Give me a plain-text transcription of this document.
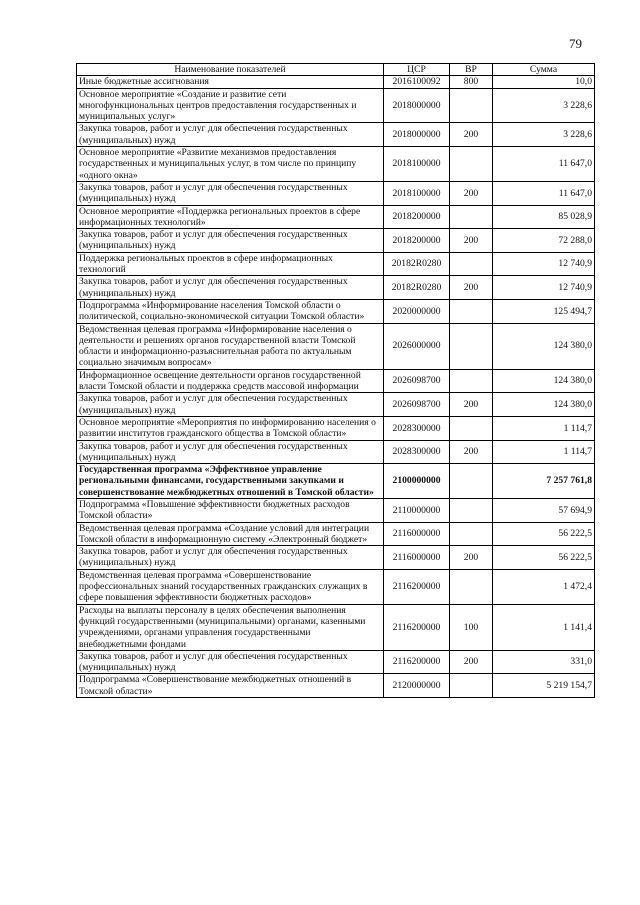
79
Наименование показателей	ЦСР	ВР	Сумма
Иные бюджетные ассигнования	2016100092	800	10,0
Основное мероприятие «Создание и развитие сети многофункциональных центров предоставления государственных и муниципальных услуг»	2018000000		3 228,6
Закупка товаров, работ и услуг для обеспечения государственных (муниципальных) нужд	2018000000	200	3 228,6
Основное мероприятие «Развитие механизмов предоставления государственных и муниципальных услуг, в том числе по принципу «одного окна»	2018100000		11 647,0
Закупка товаров, работ и услуг для обеспечения государственных (муниципальных) нужд	2018100000	200	11 647,0
Основное мероприятие «Поддержка региональных проектов в сфере информационных технологий»	2018200000		85 028,9
Закупка товаров, работ и услуг для обеспечения государственных (муниципальных) нужд	2018200000	200	72 288,0
Поддержка региональных проектов в сфере информационных технологий	20182R0280		12 740,9
Закупка товаров, работ и услуг для обеспечения государственных (муниципальных) нужд	20182R0280	200	12 740,9
Подпрограмма «Информирование населения Томской области о политической, социально-экономической ситуации Томской области»	2020000000		125 494,7
Ведомственная целевая программа «Информирование населения о деятельности и решениях органов государственной власти Томской области и информационно-разъяснительная работа по актуальным социально значимым вопросам»	2026000000		124 380,0
Информационное освещение деятельности органов государственной власти Томской области и поддержка средств массовой информации	2026098700		124 380,0
Закупка товаров, работ и услуг для обеспечения государственных (муниципальных) нужд	2026098700	200	124 380,0
Основное мероприятие «Мероприятия по информированию населения о развитии институтов гражданского общества в Томской области»	2028300000		1 114,7
Закупка товаров, работ и услуг для обеспечения государственных (муниципальных) нужд	2028300000	200	1 114,7
Государственная программа «Эффективное управление региональными финансами, государственными закупками и совершенствование межбюджетных отношений в Томской области»	2100000000		7 257 761,8
Подпрограмма «Повышение эффективности бюджетных расходов Томской области»	2110000000		57 694,9
Ведомственная целевая программа «Создание условий для интеграции Томской области в информационную систему «Электронный бюджет»	2116000000		56 222,5
Закупка товаров, работ и услуг для обеспечения государственных (муниципальных) нужд	2116000000	200	56 222,5
Ведомственная целевая программа «Совершенствование профессиональных знаний государственных гражданских служащих в сфере повышения эффективности бюджетных расходов»	2116200000		1 472,4
Расходы на выплаты персоналу в целях обеспечения выполнения функций государственными (муниципальными) органами, казенными учреждениями, органами управления государственными внебюджетными фондами	2116200000	100	1 141,4
Закупка товаров, работ и услуг для обеспечения государственных (муниципальных) нужд	2116200000	200	331,0
Подпрограмма «Совершенствование межбюджетных отношений в Томской области»	2120000000		5 219 154,7
